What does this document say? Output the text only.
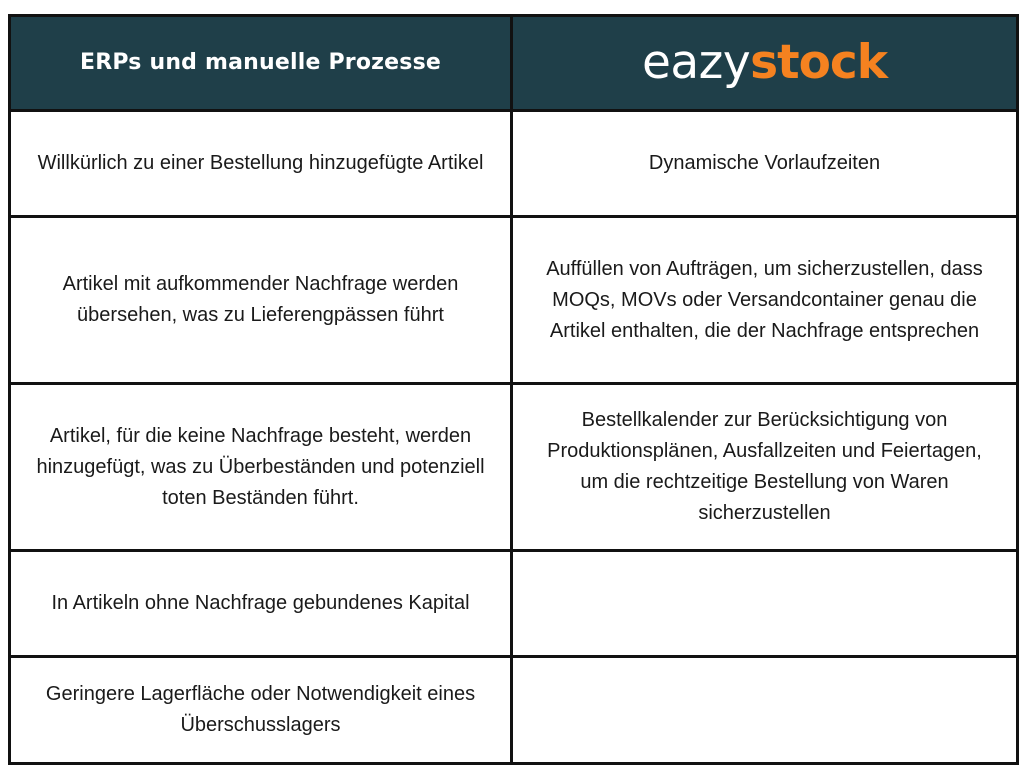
ERPs und manuelle Prozesse	eazystock
Willkürlich zu einer Bestellung hinzugefügte Artikel	Dynamische Vorlaufzeiten
Artikel mit aufkommender Nachfrage werden übersehen, was zu Lieferengpässen führt	Auffüllen von Aufträgen, um sicherzustellen, dass MOQs, MOVs oder Versandcontainer genau die Artikel enthalten, die der Nachfrage entsprechen
Artikel, für die keine Nachfrage besteht, werden hinzugefügt, was zu Überbeständen und potenziell toten Beständen führt.	Bestellkalender zur Berücksichtigung von Produktionsplänen, Ausfallzeiten und Feiertagen, um die rechtzeitige Bestellung von Waren sicherzustellen
In Artikeln ohne Nachfrage gebundenes Kapital	
Geringere Lagerfläche oder Notwendigkeit eines Überschusslagers	
